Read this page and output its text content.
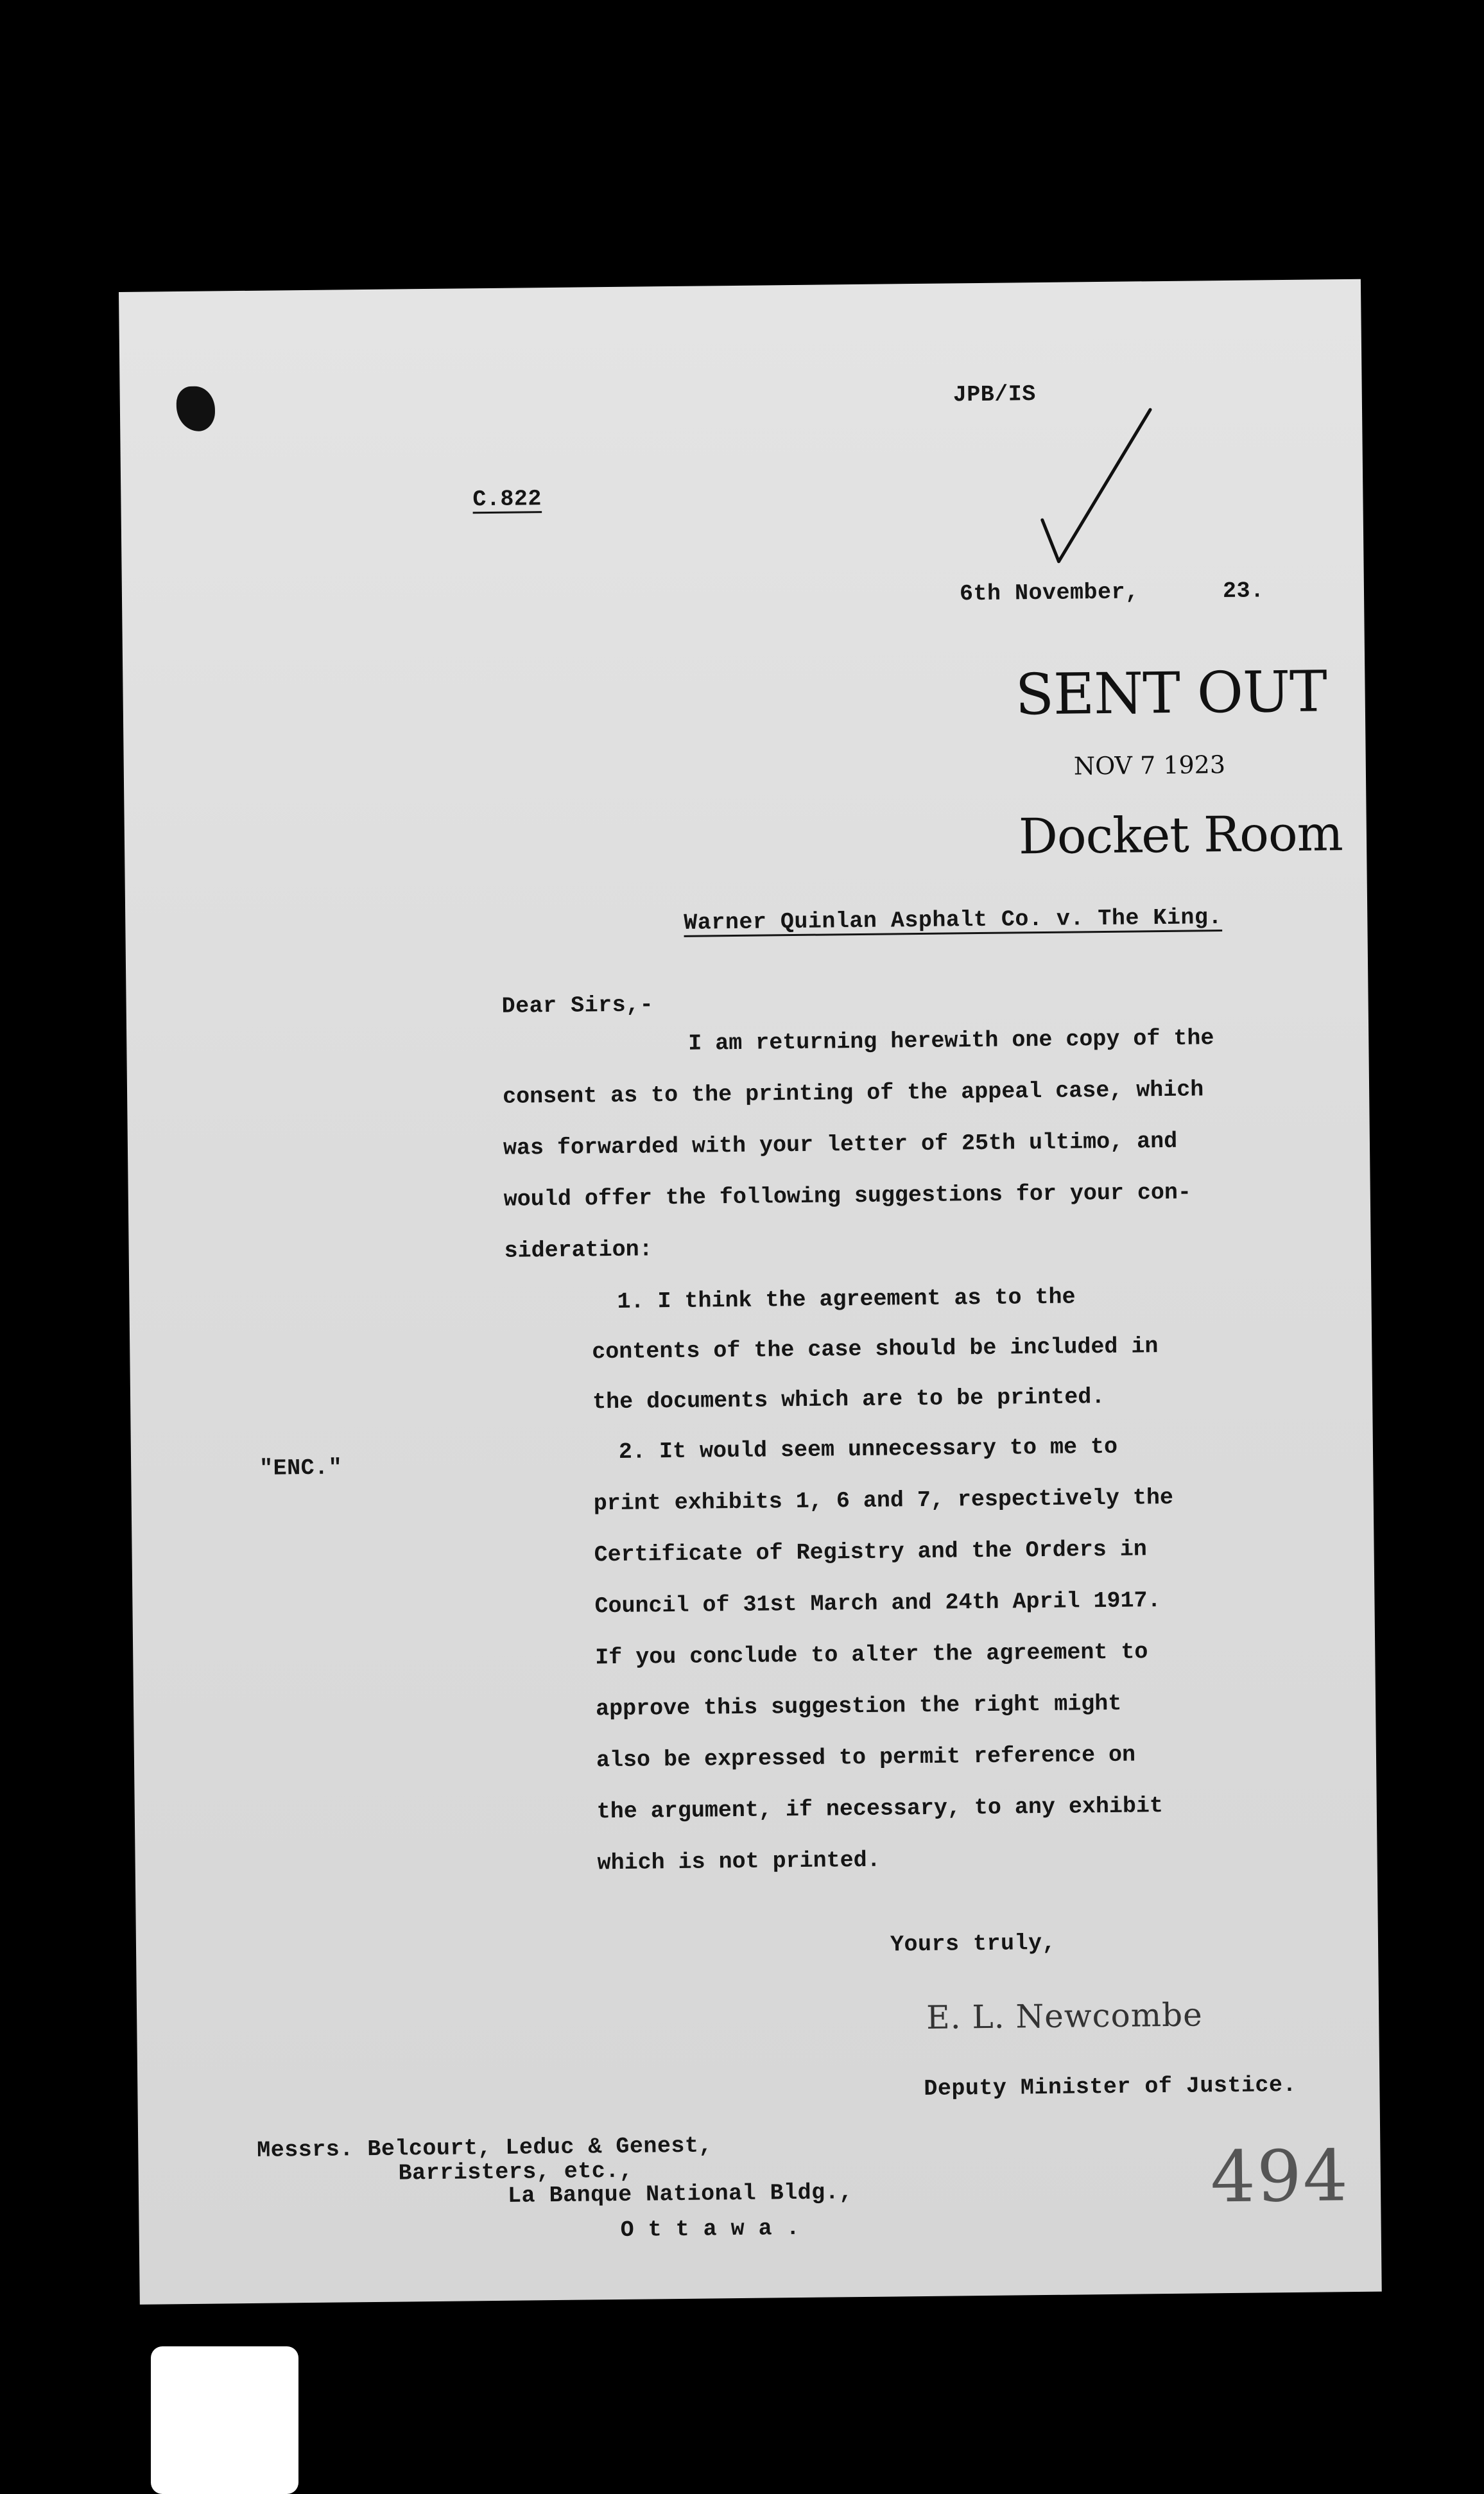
JPB/IS
C.822
6th November,	23.
SENT OUT
NOV 7 1923
Docket Room
Warner Quinlan Asphalt Co. v. The King.
Dear Sirs,-

I am returning herewith one copy of the

consent as to the printing of the appeal case, which

was forwarded with your letter of 25th ultimo, and

would offer the following suggestions for your con-

sideration:

1. I think the agreement as to the

contents of the case should be included in

the documents which are to be printed.

"ENC."

2. It would seem unnecessary to me to

print exhibits 1, 6 and 7, respectively the

Certificate of Registry and the Orders in

Council of 31st March and 24th April 1917.

If you conclude to alter the agreement to

approve this suggestion the right might

also be expressed to permit reference on

the argument, if necessary, to any exhibit

which is not printed.

Yours truly,
E. L. Newcombe
Deputy Minister of Justice.
Messrs. Belcourt, Leduc & Genest,
Barristers, etc.,
La Banque National Bldg.,
O t t a w a .
494
